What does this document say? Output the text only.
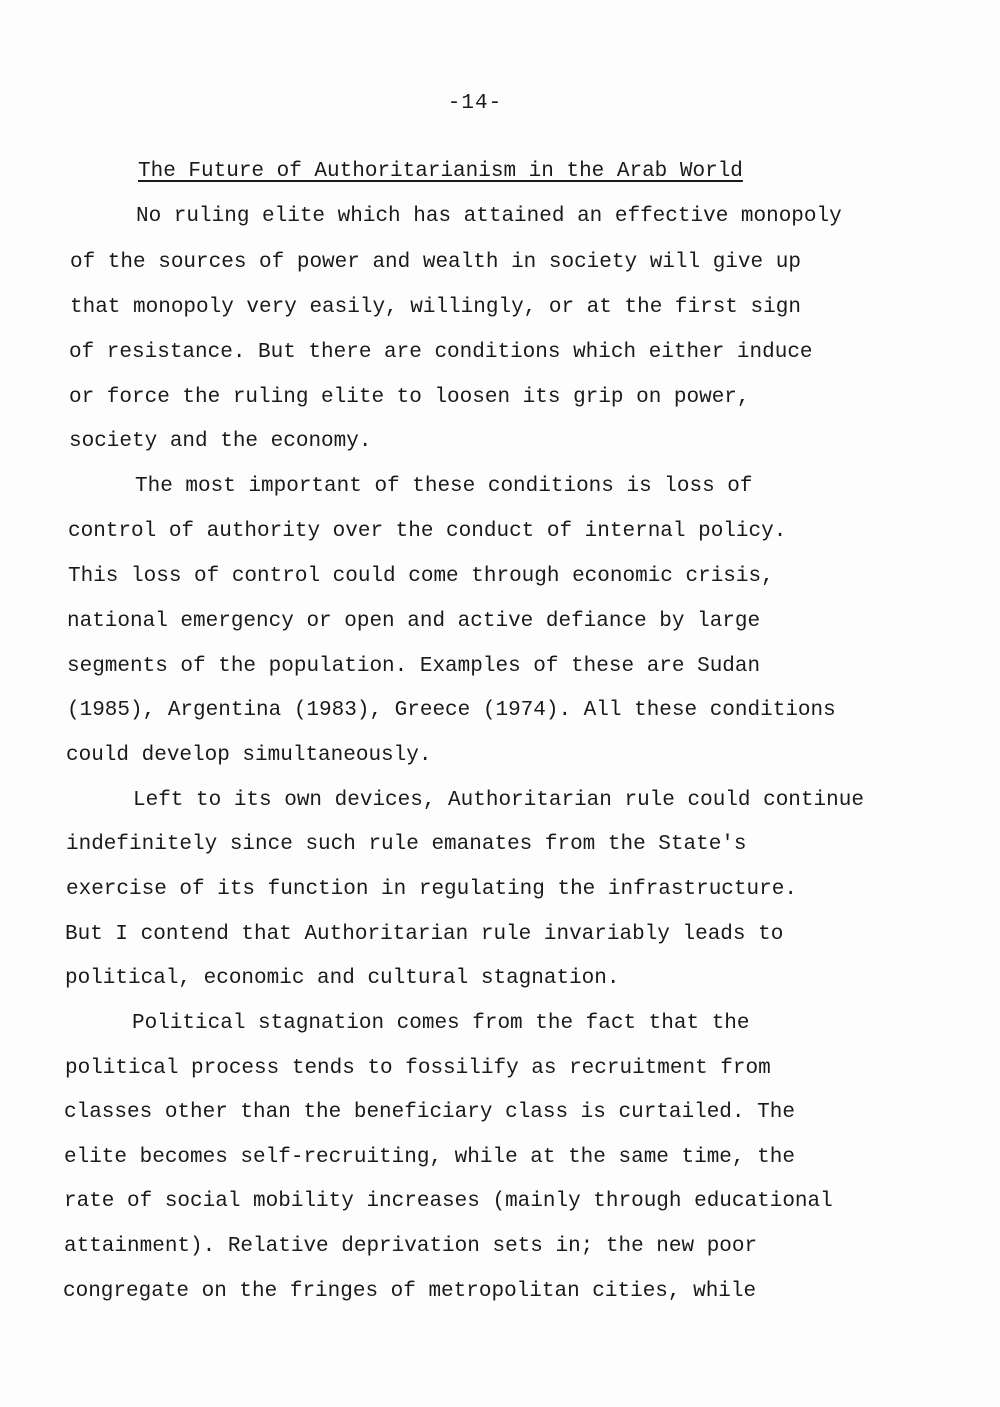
-14-
The Future of Authoritarianism in the Arab World
No ruling elite which has attained an effective monopoly
of the sources of power and wealth in society will give up
that monopoly very easily, willingly, or at the first sign
of resistance. But there are conditions which either induce
or force the ruling elite to loosen its grip on power,
society and the economy.
The most important of these conditions is loss of
control of authority over the conduct of internal policy.
This loss of control could come through economic crisis,
national emergency or open and active defiance by large
segments of the population. Examples of these are Sudan
(1985), Argentina (1983), Greece (1974). All these conditions
could develop simultaneously.
Left to its own devices, Authoritarian rule could continue
indefinitely since such rule emanates from the State's
exercise of its function in regulating the infrastructure.
But I contend that Authoritarian rule invariably leads to
political, economic and cultural stagnation.
Political stagnation comes from the fact that the
political process tends to fossilify as recruitment from
classes other than the beneficiary class is curtailed. The
elite becomes self-recruiting, while at the same time, the
rate of social mobility increases (mainly through educational
attainment). Relative deprivation sets in; the new poor
congregate on the fringes of metropolitan cities, while
